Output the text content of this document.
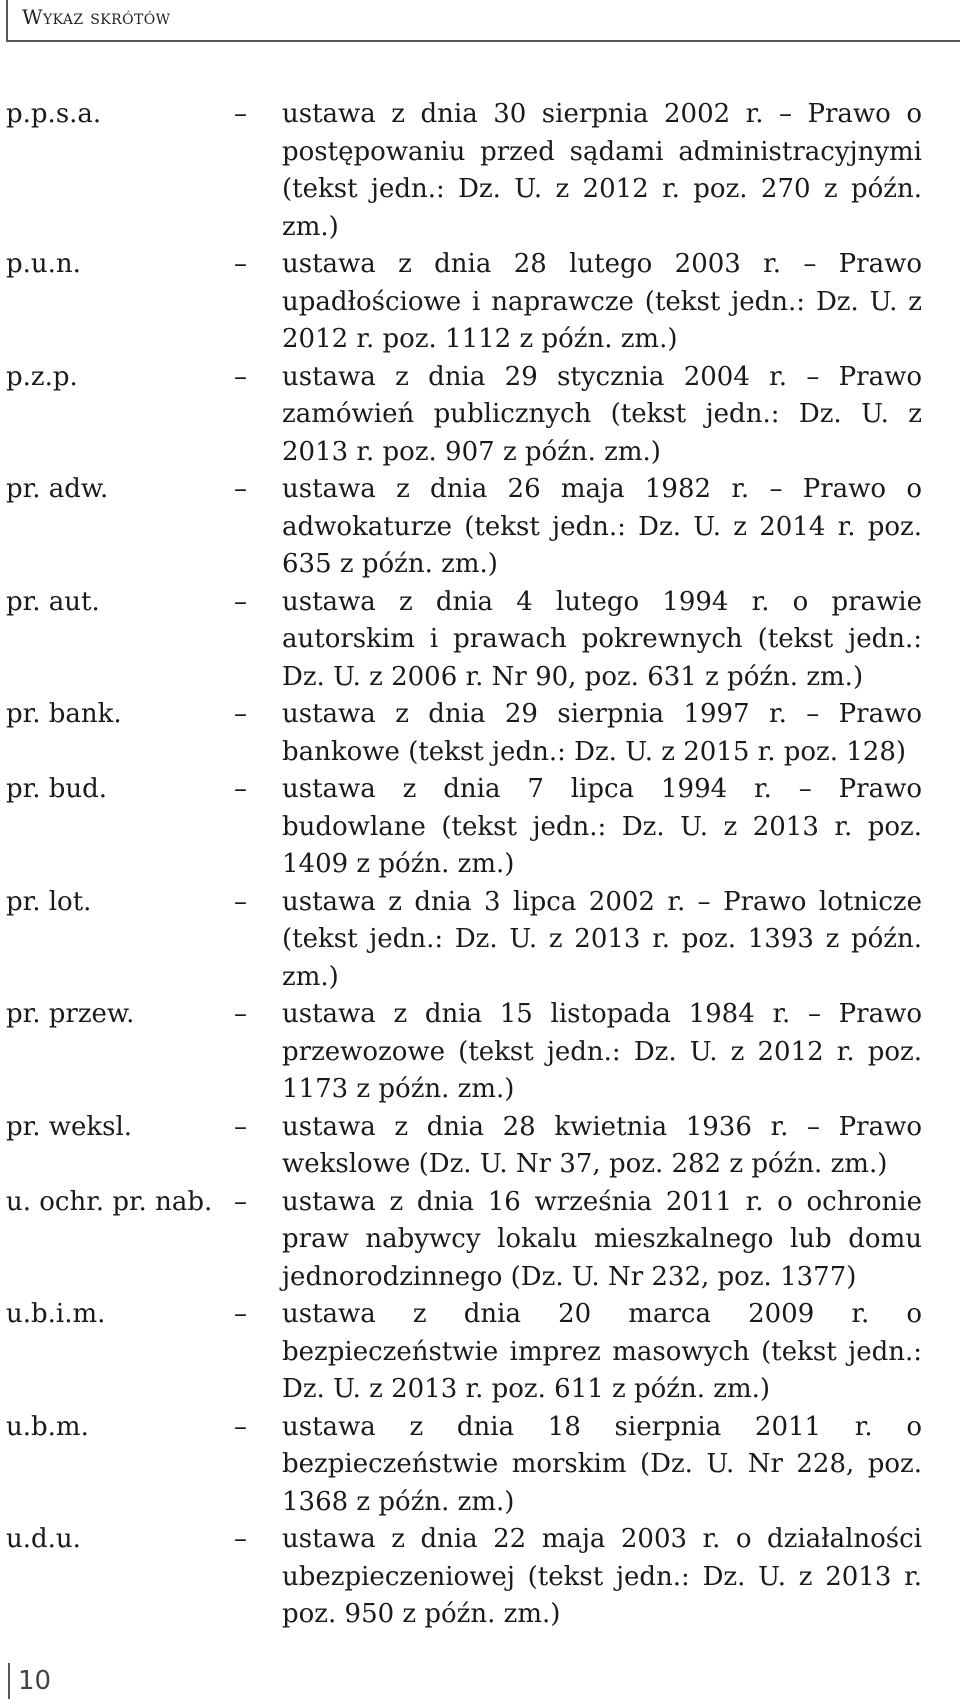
Wykaz skrótów
p.p.s.a.	–	ustawa z dnia 30 sierpnia 2002 r. – Prawo o postępowaniu przed sądami administracyjnymi (tekst jedn.: Dz. U. z 2012 r. poz. 270 z późn. zm.)
p.u.n.	–	ustawa z dnia 28 lutego 2003 r. – Prawo upadłościowe i naprawcze (tekst jedn.: Dz. U. z 2012 r. poz. 1112 z późn. zm.)
p.z.p.	–	ustawa z dnia 29 stycznia 2004 r. – Prawo zamówień publicznych (tekst jedn.: Dz. U. z 2013 r. poz. 907 z późn. zm.)
pr. adw.	–	ustawa z dnia 26 maja 1982 r. – Prawo o adwokaturze (tekst jedn.: Dz. U. z 2014 r. poz. 635 z późn. zm.)
pr. aut.	–	ustawa z dnia 4 lutego 1994 r. o prawie autorskim i prawach pokrewnych (tekst jedn.: Dz. U. z 2006 r. Nr 90, poz. 631 z późn. zm.)
pr. bank.	–	ustawa z dnia 29 sierpnia 1997 r. – Prawo bankowe (tekst jedn.: Dz. U. z 2015 r. poz. 128)
pr. bud.	–	ustawa z dnia 7 lipca 1994 r. – Prawo budowlane (tekst jedn.: Dz. U. z 2013 r. poz. 1409 z późn. zm.)
pr. lot.	–	ustawa z dnia 3 lipca 2002 r. – Prawo lotnicze (tekst jedn.: Dz. U. z 2013 r. poz. 1393 z późn. zm.)
pr. przew.	–	ustawa z dnia 15 listopada 1984 r. – Prawo przewozowe (tekst jedn.: Dz. U. z 2012 r. poz. 1173 z późn. zm.)
pr. weksl.	–	ustawa z dnia 28 kwietnia 1936 r. – Prawo wekslowe (Dz. U. Nr 37, poz. 282 z późn. zm.)
u. ochr. pr. nab. –	ustawa z dnia 16 września 2011 r. o ochronie praw nabywcy lokalu mieszkalnego lub domu jednorodzinnego (Dz. U. Nr 232, poz. 1377)
u.b.i.m.	–	ustawa z dnia 20 marca 2009 r. o bezpieczeństwie imprez masowych (tekst jedn.: Dz. U. z 2013 r. poz. 611 z późn. zm.)
u.b.m.	–	ustawa z dnia 18 sierpnia 2011 r. o bezpieczeństwie morskim (Dz. U. Nr 228, poz. 1368 z późn. zm.)
u.d.u.	–	ustawa z dnia 22 maja 2003 r. o działalności ubezpieczeniowej (tekst jedn.: Dz. U. z 2013 r. poz. 950 z późn. zm.)
10
